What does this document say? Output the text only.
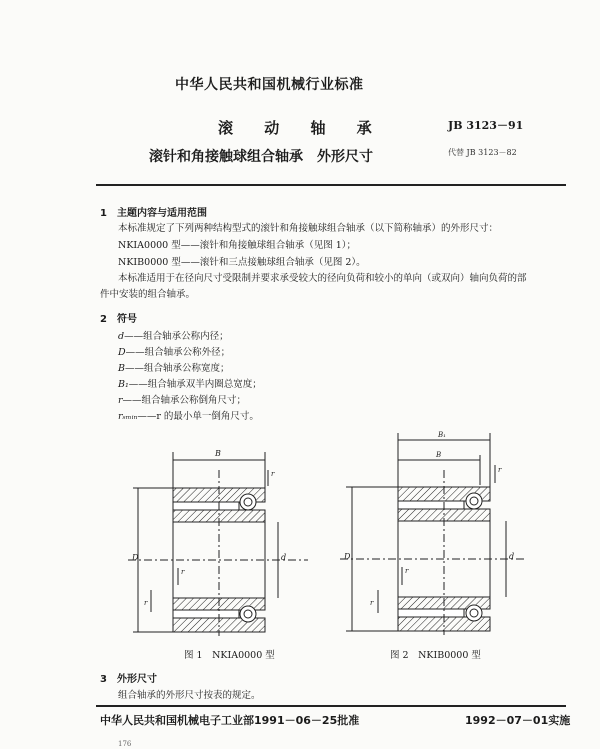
中华人民共和国机械行业标准
滚 动 轴 承
滚针和角接触球组合轴承　外形尺寸
JB 3123－91
代替 JB 3123－82
1　主题内容与适用范围
本标准规定了下列两种结构型式的滚针和角接触球组合轴承（以下简称轴承）的外形尺寸：
NKIA0000 型——滚针和角接触球组合轴承（见图 1）；
NKIB0000 型——滚针和三点接触球组合轴承（见图 2）。
本标准适用于在径向尺寸受限制并要求承受较大的径向负荷和较小的单向（或双向）轴向负荷的部
件中安装的组合轴承。
2　符号
d——组合轴承公称内径；
D——组合轴承公称外径；
B——组合轴承公称宽度；
B₁——组合轴承双半内圈总宽度；
r——组合轴承公称倒角尺寸；
rₛₘᵢₙ——r 的最小单一倒角尺寸。
B
D	d
r
r
r
图 1　NKIA0000 型
B₁
B
D	d
r
r
r
图 2　NKIB0000 型
3　外形尺寸
组合轴承的外形尺寸按表的规定。
中华人民共和国机械电子工业部1991－06－25批准	1992－07－01实施
176
